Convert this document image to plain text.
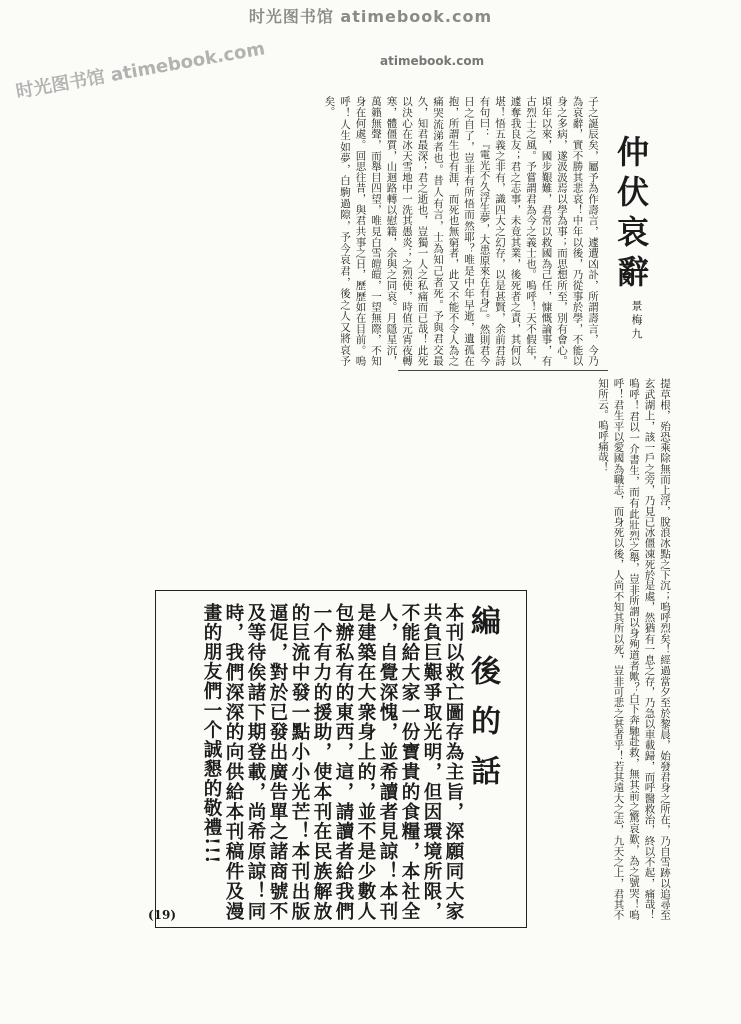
时光图书馆 atimebook.com
时光图书馆 atimebook.com	atimebook.com
仲伏哀辭
景梅九
子之誕辰矣，屬予為作壽言，遽遭凶訃，所謂壽言，今乃為哀辭，實不勝其悲哀！中年以後，乃從事於學，不能以身之多病，遂汲汲焉以學為事；而思想所至，別有會心。頃年以來，國步艱難，君常以救國為己任，慷慨論事，有古烈士之風。予嘗謂君為今之義士也。嗚呼！天不假年，遽奪我良友；君之志事，未竟其業，後死者之責，其何以堪！悟五義之非有，識四大之幻存，以是甚賢，余前君詩有句曰：『電光不久浮生夢，大患原來在有身』。然則君今日之自了，豈非有所悟而然耶？唯是中年早逝，遺孤在抱，所謂生也有涯，而死也無窮者，此又不能不令人為之痛哭流涕者也。昔人有言，士為知己者死。予與君交最久，知君最深；君之逝也，豈獨一人之私痛而已哉！此死以決心在冰天雪地中一洗其愚炎；之烈使，時值元宵夜轉寒，體僵質，山迴路轉以慰籍，余與之同哀。月隱星沉，萬籟無聲，而舉目四望，唯見白雪皚皚，一望無際，不知身在何處。回思往昔，與君共事之日，歷歷如在目前。嗚呼！人生如夢，白駒過隙，予今哀君，後之人又將哀予矣。
提草根，殆恐乘除無而上浮，脫浪冰點之下沉；嗚呼烈矣！經過當夕至於黎晨，始發君身之所在，乃自雪跡以追尋至玄武湖上，該一戶之旁，乃見已冰僵凍死於是處，然猶有一息之存，乃急以車載歸，而呼醫救治，終以不起，痛哉！嗚呼！君以一介書生，而有此壯烈之舉，豈非所謂以身殉道者歟？白下奔馳赴救，無其前之驚哀歎，為之號哭！嗚呼！君生平以愛國為職志，而身死以後，人尚不知其所以死，豈非可悲之甚者乎！若其遠大之志，九天之上，君其不知所云。嗚呼痛哉！
編後的話
本刊以救亡圖存為主旨，深願同大家共負巨艱爭取光明，但因環境所限，不能給大家一份寶貴的食糧，本社全人，自覺深愧，並希讀者見諒！本刊是建築在大衆身上的，並不是少數人包辦私有的東西，這，請讀者給我們一个有力的援助，使本刊在民族解放的巨流中發一點小小光芒！本刊出版逼促，對於已發出廣告單之諸商號不及等待俟諸下期登載，尚希原諒！同時，我們深深的向供給本刊稿件及漫畫的朋友們一个誠懇的敬禮!!!
(19)
